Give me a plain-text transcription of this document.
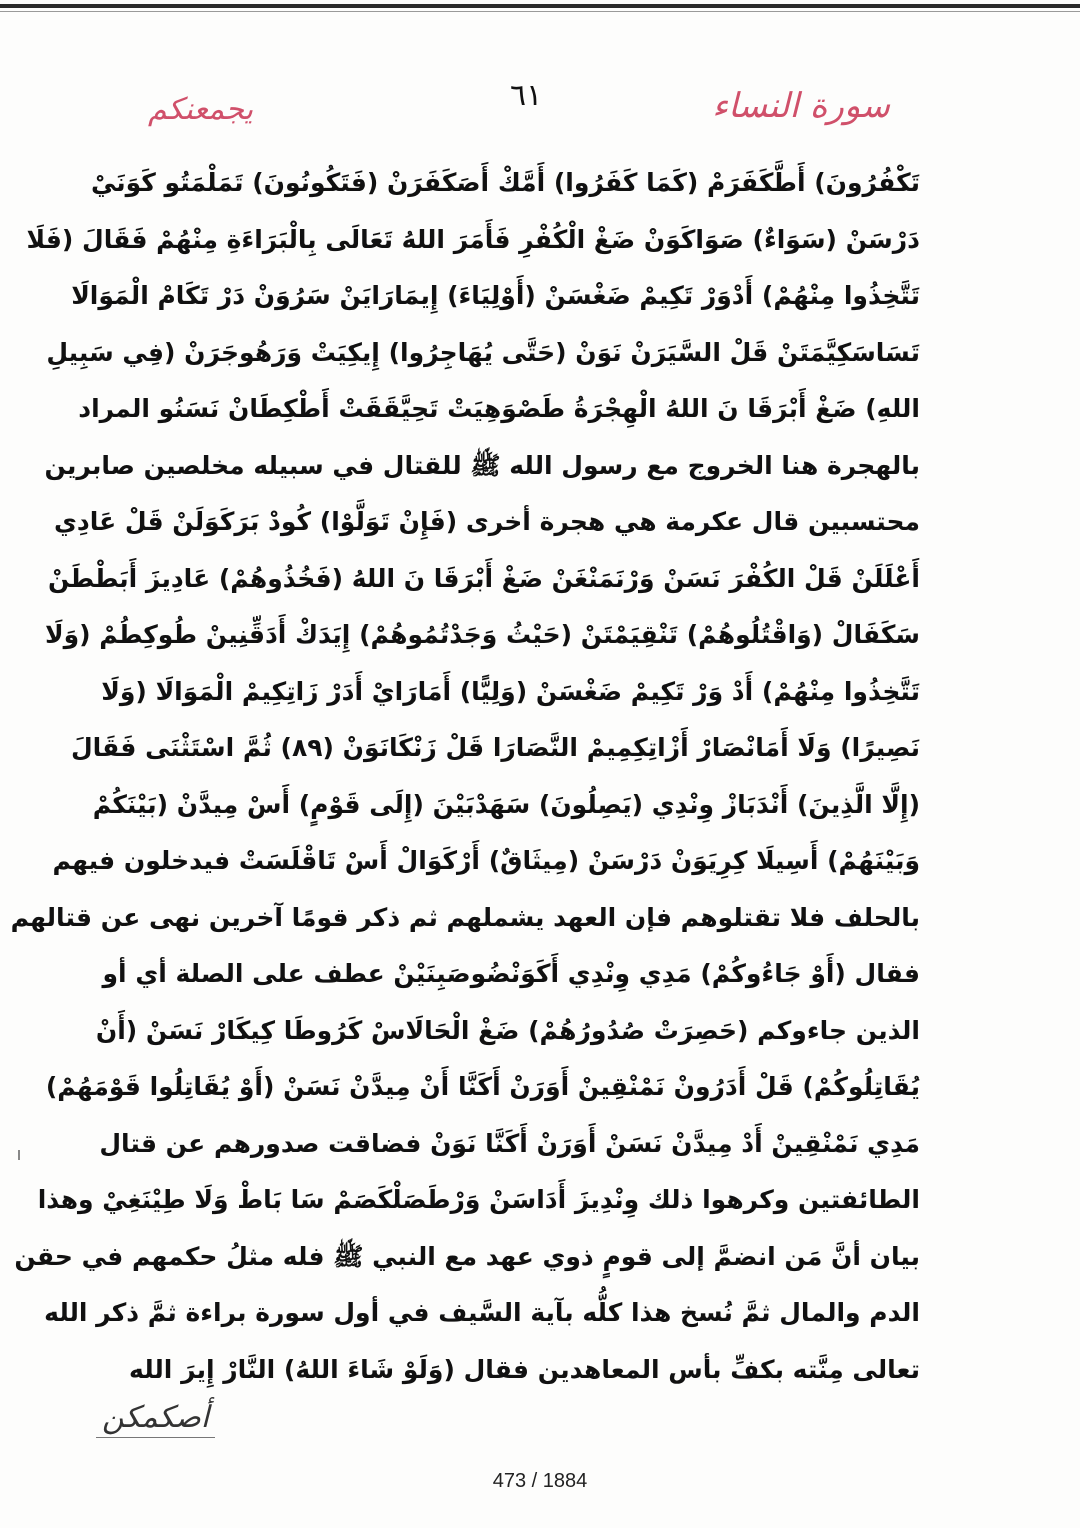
سورة النساء
٦١
يجمعنكم
تَكْفُرُونَ) أَطَّكَفَرَمْ (كَمَا كَفَرُوا) أَمَّكْ أَصَكَفَرَنْ (فَتَكُونُونَ) تَمَلْمَتُو كَوَنَيْ
دَرْسَنْ (سَوَاءٌ) صَوَاكَوَنْ ضَغْ الْكُفْرِ فَأَمَرَ اللهُ تَعَالَى بِالْبَرَاءَةِ مِنْهُمْ فَقَالَ (فَلَا
تَتَّخِذُوا مِنْهُمْ) أَدْوَرْ تَكِيمْ ضَغْسَنْ (أَوْلِيَاءَ) إِيمَارَايَنْ سَرُوَنْ دَرْ تَكَامْ الْمَوَالَا
تَسَاسَكِيَّمَتَنْ قَلْ السَّيَرَنْ نَوَنْ (حَتَّى يُهَاجِرُوا) إِيكِيَتْ وَرَهُوجَرَنْ (فِي سَبِيلِ
اللهِ) ضَغْ أَبْرَقَا نَ اللهُ الْهِجْرَةُ طَصْوَهِيَتْ تَحِيَّقَقَتْ أَطْكِطَانْ نَسَنُو المراد
بالهجرة هنا الخروج مع رسول الله ﷺ للقتال في سبيله مخلصين صابرين
محتسبين قال عكرمة هي هجرة أخرى (فَإِنْ تَوَلَّوْا) كُودْ بَرَكَوَلَنْ قَلْ عَادِي
أَعْلَلَنْ قَلْ الكُفْرَ نَسَنْ وَرْنَمَنْغَنْ ضَغْ أَبْرَقَا نَ اللهُ (فَخُذُوهُمْ) عَادِيزَ أَبَطْطَنْ
سَكَفَالْ (وَاقْتُلُوهُمْ) تَنْقِيَمْتَنْ (حَيْثُ وَجَدْتُمُوهُمْ) إِيَدَكْ أَدَقِّنِينْ طُوكِطُمْ (وَلَا
تَتَّخِذُوا مِنْهُمْ) أَدْ وَرْ تَكِيمْ ضَغْسَنْ (وَلِيًّا) أَمَارَايْ أَدَرْ زَاتِكِيمْ الْمَوَالَا (وَلَا
نَصِيرًا) وَلَا أَمَانْصَارْ أَزْاتِكِمِيمْ النَّصَارَا قَلْ زَنْكَانَوَنْ (٨٩) ثُمَّ اسْتَثْنَى فَقَالَ
(إِلَّا الَّذِينَ) أَنْدَبَازْ وِنْدِي (يَصِلُونَ) سَهَدْبَيْنَ (إِلَى قَوْمٍ) أَسْ مِيدَّنْ (بَيْنَكُمْ
وَبَيْنَهُمْ) أَسِيلَا كِرِيَوَنْ دَرْسَنْ (مِيثَاقٌ) أَرْكَوَالْ أَسْ تَاقْلَسَتْ فيدخلون فيهم
بالحلف فلا تقتلوهم فإن العهد يشملهم ثم ذكر قومًا آخرين نهى عن قتالهم
فقال (أَوْ جَاءُوكُمْ) مَدِي وِنْدِي أَكَوَنْضُوصَبِنَيْنْ عطف على الصلة أي أو
الذين جاءوكم (حَصِرَتْ صُدُورُهُمْ) ضَغْ الْحَالَاسْ كَرُوطَا كِيكَارْ نَسَنْ (أَنْ
يُقَاتِلُوكُمْ) قَلْ أَدَرُونْ نَمْنْقِينْ أَوَرَنْ أَكَنَّا أَنْ مِيدَّنْ نَسَنْ (أَوْ يُقَاتِلُوا قَوْمَهُمْ)
مَدِي نَمْنْقِينْ أَدْ مِيدَّنْ نَسَنْ أَوَرَنْ أَكَنَّا نَوَنْ فضاقت صدورهم عن قتال
الطائفتين وكرهوا ذلك وِنْدِيزَ أَدَاسَنْ وَرْطَصَلْكَصَمْ سَا بَاطْ وَلَا طِيْنَغِيْ وهذا
بيان أنَّ مَن انضمَّ إلى قومٍ ذوي عهد مع النبي ﷺ فله مثلُ حكمهم في حقن
الدم والمال ثمَّ نُسخ هذا كلُّه بآية السَّيف في أول سورة براءة ثمَّ ذكر الله
تعالى مِنَّته بكفِّ بأس المعاهدين فقال (وَلَوْ شَاءَ اللهُ) النَّارْ إِيرَ الله
أصكمكن
473 / 1884
